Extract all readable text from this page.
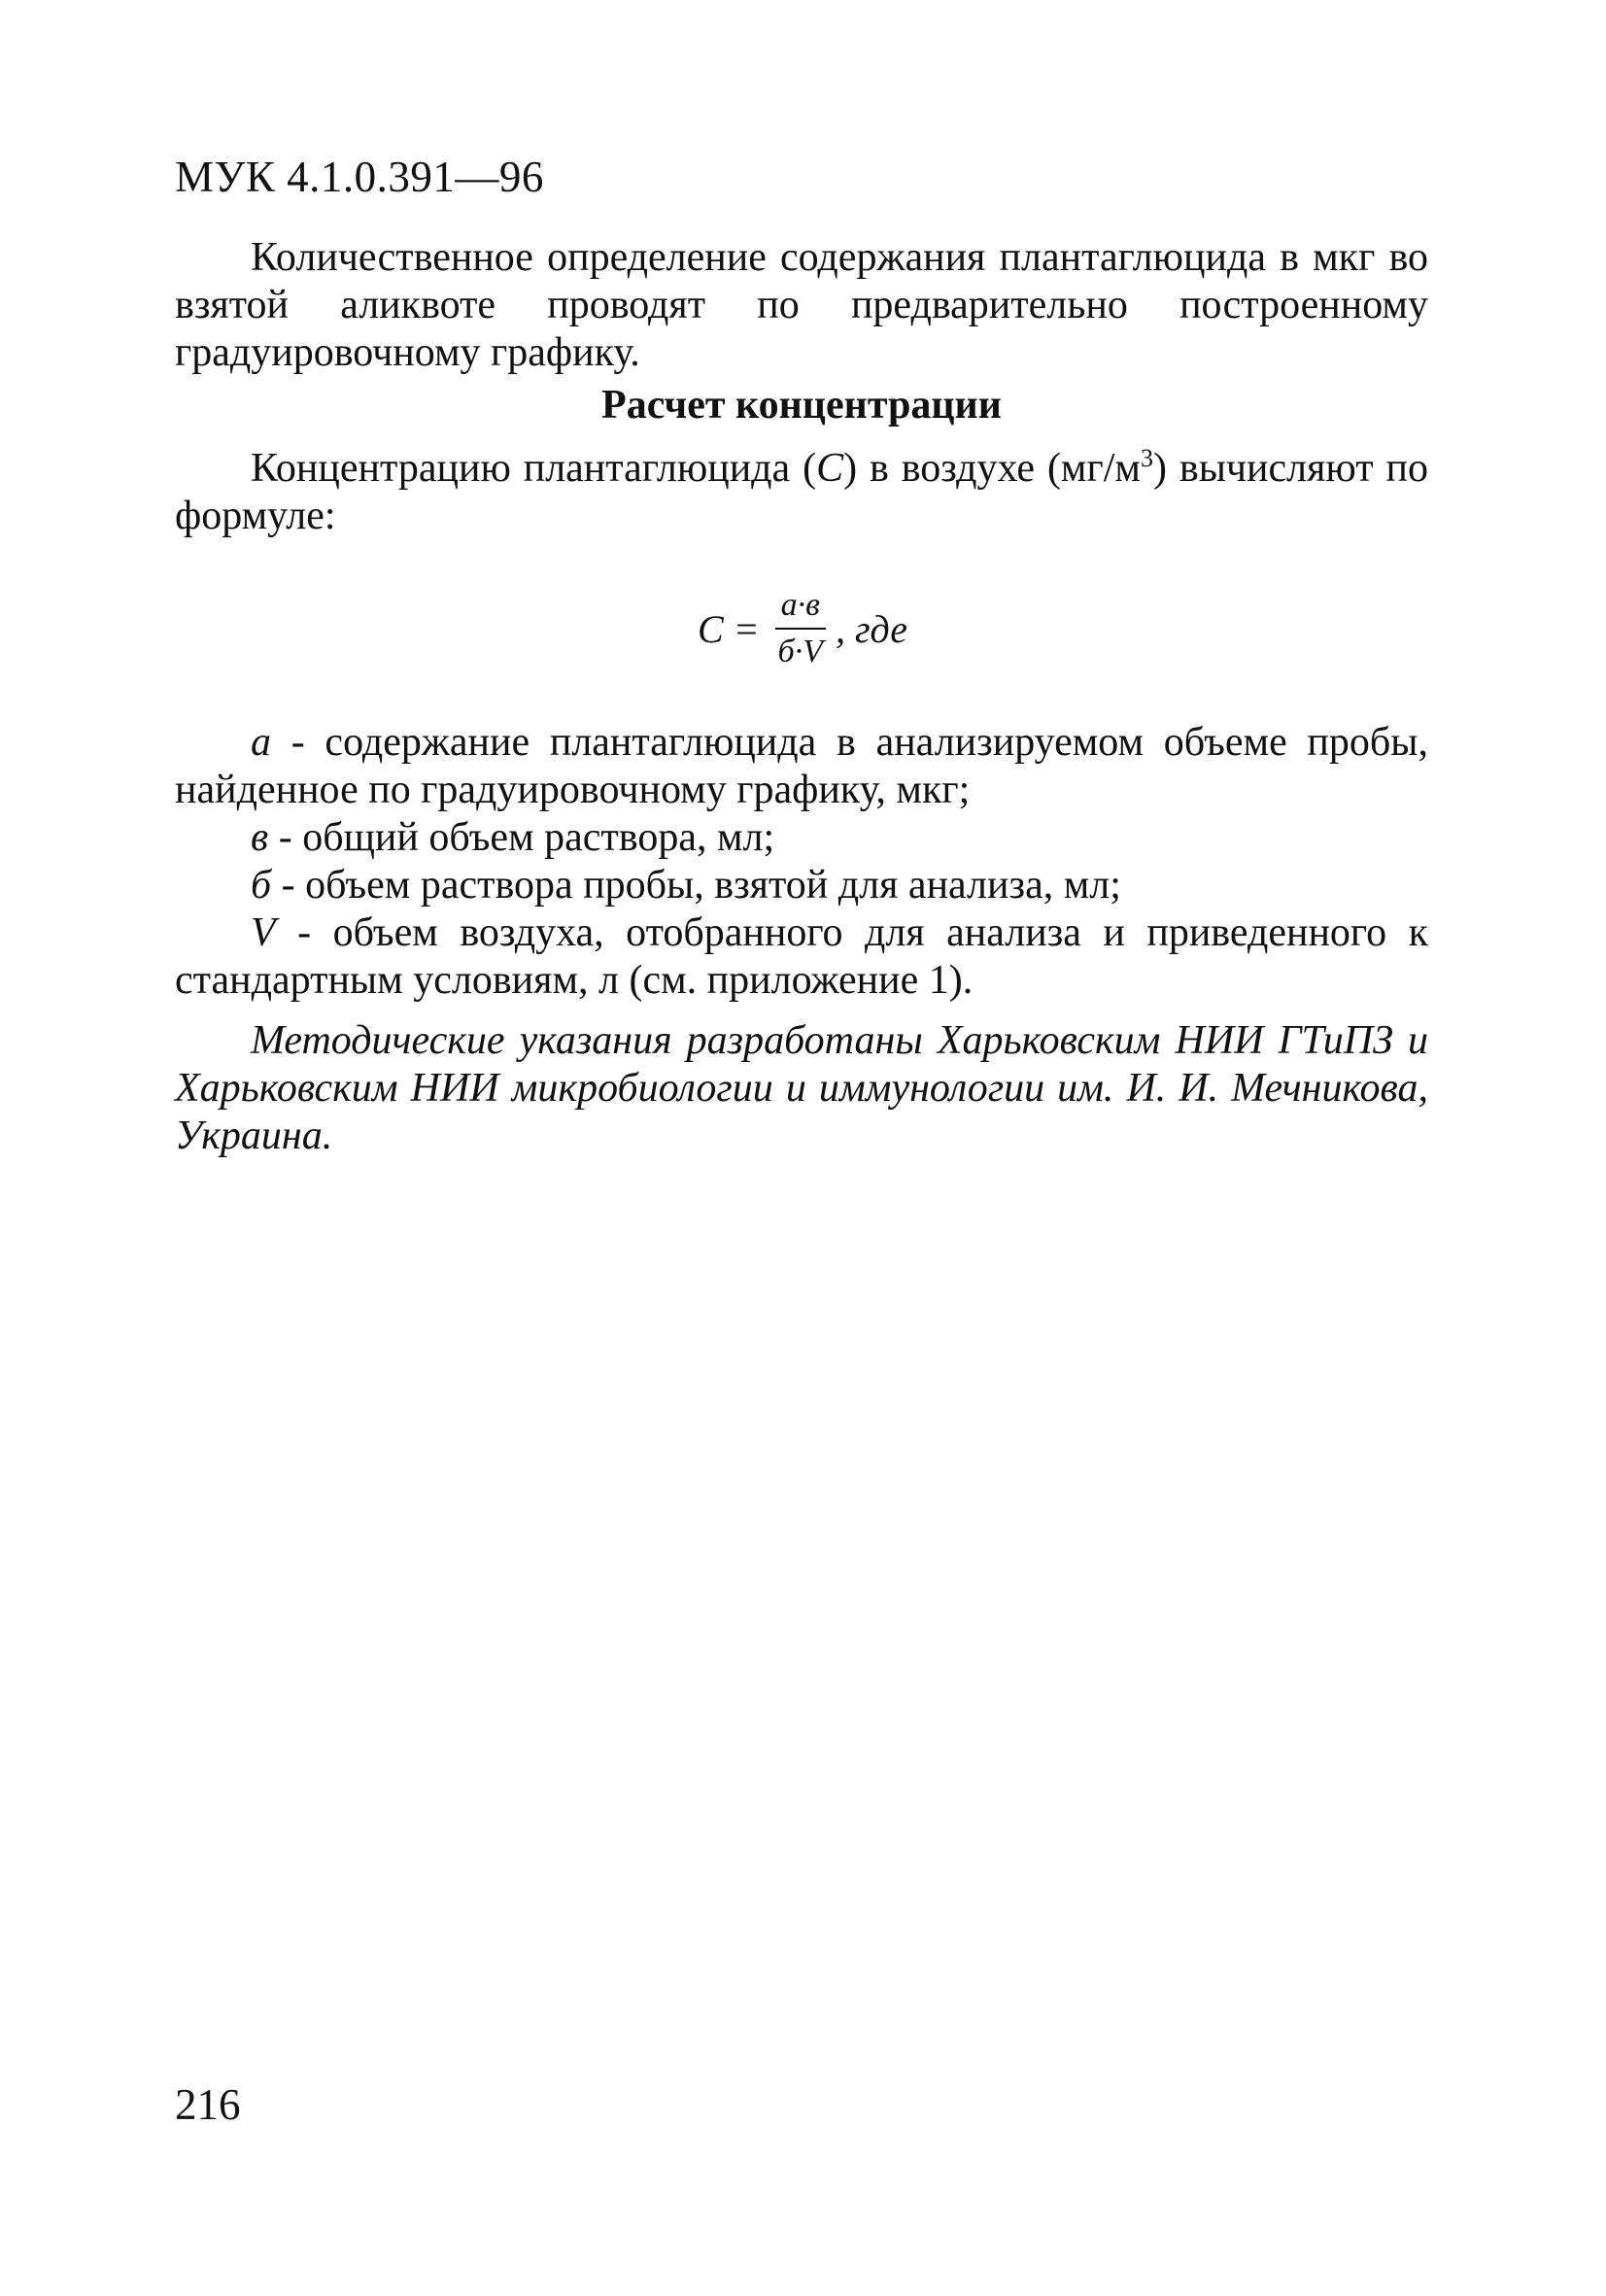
МУК 4.1.0.391—96

Количественное определение содержания плантаглюцида в мкг во взятой аликвоте проводят по предварительно построенному градуировочному графику.

Расчет концентрации

Концентрацию плантаглюцида (С) в воздухе $(мг/м^3)$ вычисляют по формуле:

$С = \frac{а\cdot в}{б\cdot V}$ , где

а - содержание плантаглюцида в анализируемом объеме пробы, найденное по градуировочному графику, мкг;

в - общий объем раствора, мл;

б - объем раствора пробы, взятой для анализа, мл;

V - объем воздуха, отобранного для анализа и приведенного к стандартным условиям, л (см. приложение 1).

Методические указания разработаны Харьковским НИИ ГТиПЗ и Харьковским НИИ микробиологии и иммунологии им. И. И. Мечникова, Украина.

216
